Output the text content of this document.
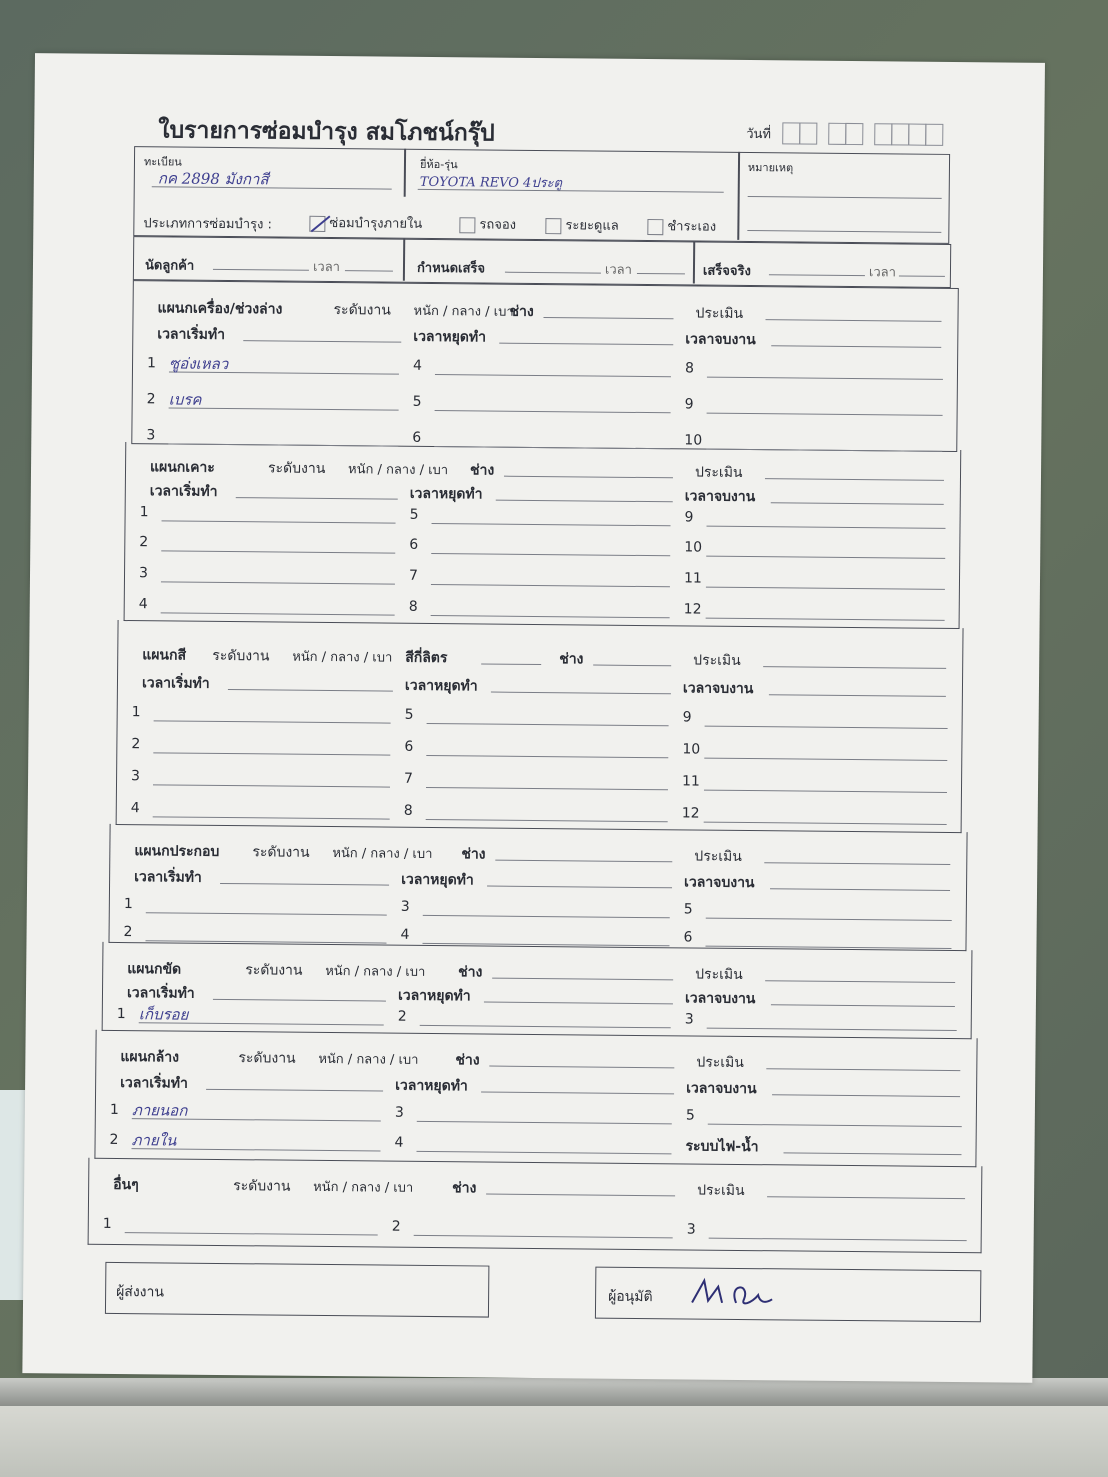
ใบรายการซ่อมบำรุง สมโภชน์กรุ๊ป	วันที่
ทะเบียน
กค 2898 มังกาสี
ยี่ห้อ-รุ่น
TOYOTA REVO 4ประตู
หมายเหตุ
ประเภทการซ่อมบำรุง :	ซ่อมบำรุงภายใน	รถจอง	ระยะดูแล	ชำระเอง
นัดลูกค้า	เวลา	กำหนดเสร็จ	เวลา	เสร็จจริง	เวลา
แผนกเครื่อง/ช่วงล่าง	ระดับงาน หนัก / กลาง / เบา
ช่าง	ประเมิน
เวลาเริ่มทำ	เวลาหยุดทำ	เวลาจบงาน
1 ซูอ่งเหลว	4	8
2 เบรค	5	9
3	6	10
แผนกเคาะ	ระดับงาน หนัก / กลาง / เบา ช่าง	ประเมิน
เวลาเริ่มทำ	เวลาหยุดทำ	เวลาจบงาน
1	5	9
2	6	10
3	7	11
4	8	12
แผนกสี ระดับงาน หนัก / กลาง / เบา สีกี่ลิตร	ช่าง	ประเมิน
เวลาเริ่มทำ	เวลาหยุดทำ	เวลาจบงาน
1	5	9
2	6	10
3	7	11
4	8	12
แผนกประกอบ ระดับงาน หนัก / กลาง / เบา ช่าง	ประเมิน
เวลาเริ่มทำ	เวลาหยุดทำ	เวลาจบงาน
1	3	5
2	4	6
แผนกขัด	ระดับงาน หนัก / กลาง / เบา ช่าง	ประเมิน
เวลาเริ่มทำ	เวลาหยุดทำ	เวลาจบงาน
1 เก็บรอย	2	3
แผนกล้าง	ระดับงาน หนัก / กลาง / เบา	ช่าง	ประเมิน
เวลาเริ่มทำ	เวลาหยุดทำ	เวลาจบงาน
1 ภายนอก	3	5
2 ภายใน	4	ระบบไฟ-น้ำ
อื่นๆ	ระดับงาน หนัก / กลาง / เบา	ช่าง	ประเมิน
1	2	3
ผู้ส่งงาน	ผู้อนุมัติ
